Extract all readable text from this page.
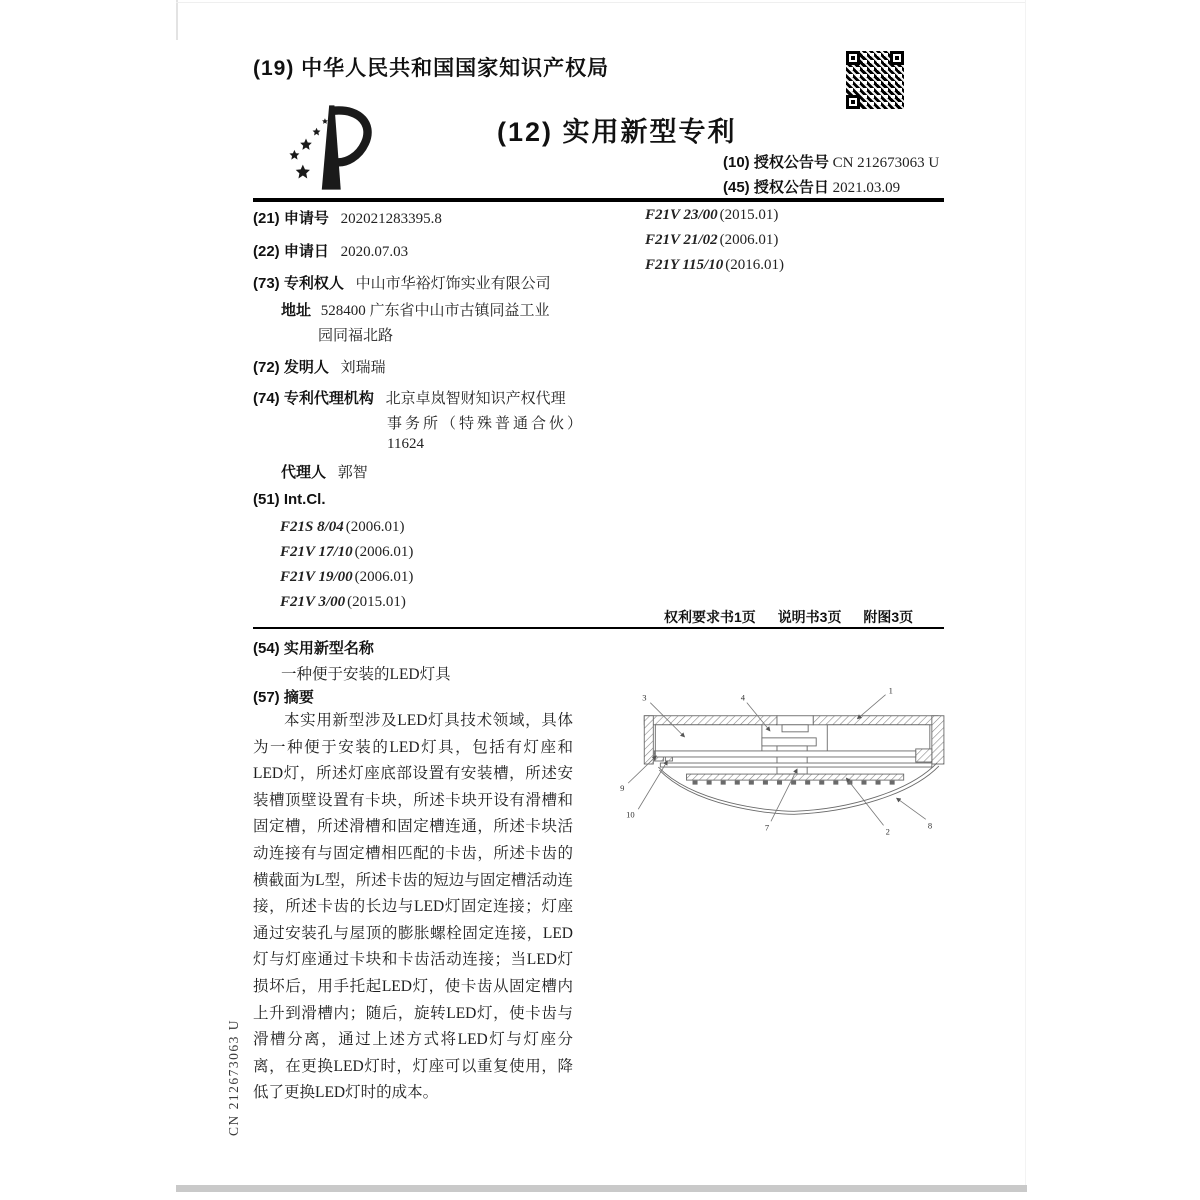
(19) 中华人民共和国国家知识产权局
(12) 实用新型专利
(10) 授权公告号 CN 212673063 U
(45) 授权公告日 2021.03.09
(21) 申请号 202021283395.8
(22) 申请日 2020.07.03
(73) 专利权人 中山市华裕灯饰实业有限公司
地址 528400 广东省中山市古镇同益工业
园同福北路
(72) 发明人 刘瑞瑞
(74) 专利代理机构 北京卓岚智财知识产权代理
事务所（特殊普通合伙）
11624
代理人 郭智
(51) Int.Cl.
F21S 8/04 (2006.01)
F21V 17/10 (2006.01)
F21V 19/00 (2006.01)
F21V 3/00 (2015.01)
F21V 23/00 (2015.01)
F21V 21/02 (2006.01)
F21Y 115/10 (2016.01)
权利要求书1页 说明书3页 附图3页
(54) 实用新型名称
一种便于安装的LED灯具
(57) 摘要
本实用新型涉及LED灯具技术领域，具体为一种便于安装的LED灯具，包括有灯座和LED灯，所述灯座底部设置有安装槽，所述安装槽顶壁设置有卡块，所述卡块开设有滑槽和固定槽，所述滑槽和固定槽连通，所述卡块活动连接有与固定槽相匹配的卡齿，所述卡齿的横截面为L型，所述卡齿的短边与固定槽活动连接，所述卡齿的长边与LED灯固定连接；灯座通过安装孔与屋顶的膨胀螺栓固定连接，LED灯与灯座通过卡块和卡齿活动连接；当LED灯损坏后，用手托起LED灯，使卡齿从固定槽内上升到滑槽内；随后，旋转LED灯，使卡齿与滑槽分离，通过上述方式将LED灯与灯座分离，在更换LED灯时，灯座可以重复使用，降低了更换LED灯时的成本。
3	4
1
9
10
7	2
8
CN 212673063 U
